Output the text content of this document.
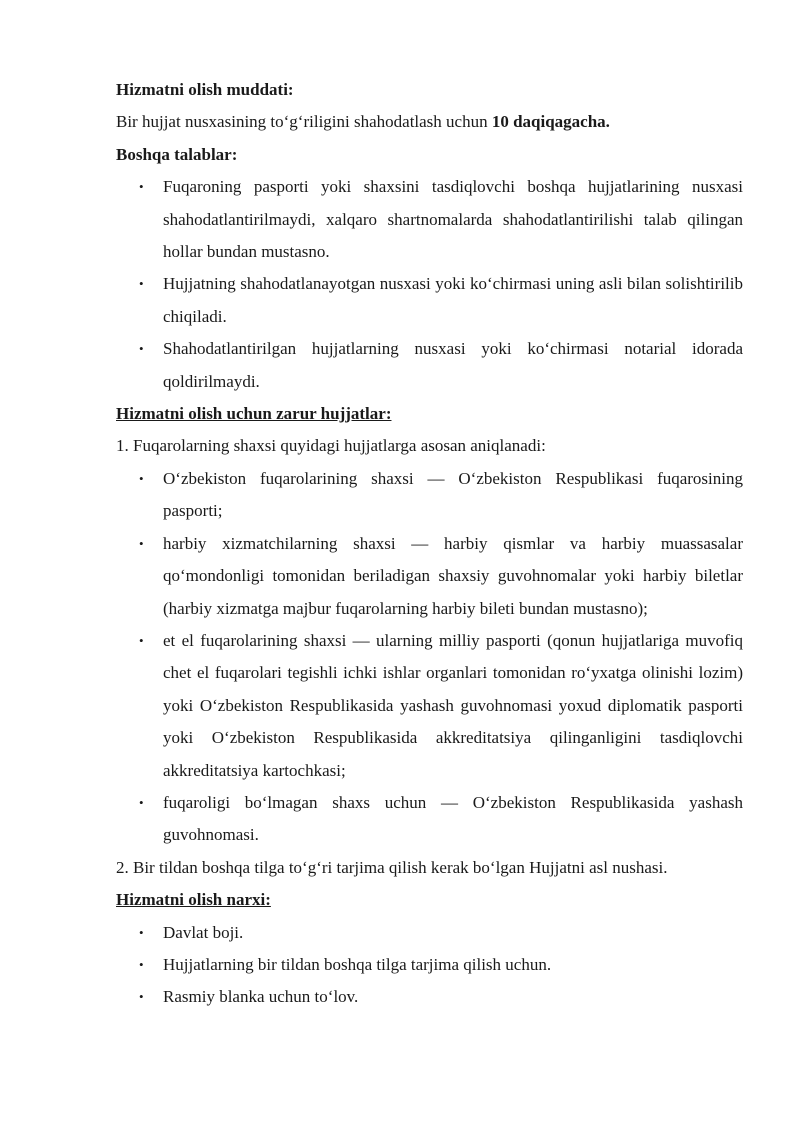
Hizmatni olish muddati:

Bir hujjat nusxasining to‘g‘riligini shahodatlash uchun 10 daqiqagacha.

Boshqa talablar:

• Fuqaroning pasporti yoki shaxsini tasdiqlovchi boshqa hujjatlarining nusxasi shahodatlantirilmaydi, xalqaro shartnomalarda shahodatlantirilishi talab qilingan hollar bundan mustasno.
• Hujjatning shahodatlanayotgan nusxasi yoki ko‘chirmasi uning asli bilan solishtirilib chiqiladi.
• Shahodatlantirilgan hujjatlarning nusxasi yoki ko‘chirmasi notarial idorada qoldirilmaydi.

Hizmatni olish uchun zarur hujjatlar:

1. Fuqarolarning shaxsi quyidagi hujjatlarga asosan aniqlanadi:

• O‘zbekiston fuqarolarining shaxsi — O‘zbekiston Respublikasi fuqarosining pasporti;
• harbiy xizmatchilarning shaxsi — harbiy qismlar va harbiy muassasalar qo‘mondonligi tomonidan beriladigan shaxsiy guvohnomalar yoki harbiy biletlar (harbiy xizmatga majbur fuqarolarning harbiy bileti bundan mustasno);
• et el fuqarolarining shaxsi — ularning milliy pasporti (qonun hujjatlariga muvofiq chet el fuqarolari tegishli ichki ishlar organlari tomonidan ro‘yxatga olinishi lozim) yoki O‘zbekiston Respublikasida yashash guvohnomasi yoxud diplomatik pasporti yoki O‘zbekiston Respublikasida akkreditatsiya qilinganligini tasdiqlovchi akkreditatsiya kartochkasi;
• fuqaroligi bo‘lmagan shaxs uchun — O‘zbekiston Respublikasida yashash guvohnomasi.

2. Bir tildan boshqa tilga to‘g‘ri tarjima qilish kerak bo‘lgan Hujjatni asl nushasi.

Hizmatni olish narxi:

• Davlat boji.
• Hujjatlarning bir tildan boshqa tilga tarjima qilish uchun.
• Rasmiy blanka uchun to‘lov.
